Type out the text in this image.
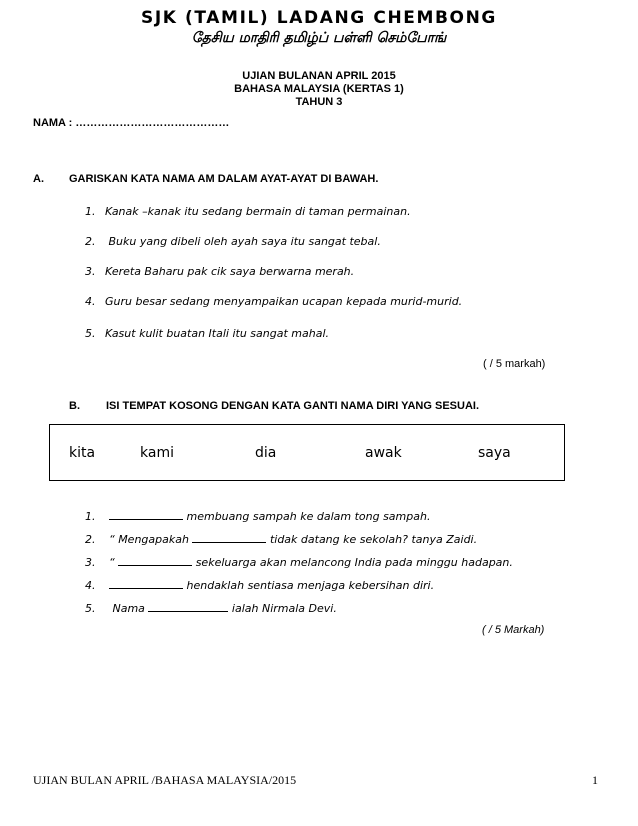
SJK (TAMIL) LADANG CHEMBONG
தேசிய மாதிரி தமிழ்ப் பள்ளி செம்போங்
UJIAN BULANAN APRIL 2015
BAHASA MALAYSIA (KERTAS 1)
TAHUN 3
NAMA : ……………………………………
A. GARISKAN KATA NAMA AM DALAM AYAT-AYAT DI BAWAH.
1. Kanak –kanak itu sedang bermain di taman permainan.
2. Buku yang dibeli oleh ayah saya itu sangat tebal.
3. Kereta Baharu pak cik saya berwarna merah.
4. Guru besar sedang menyampaikan ucapan kepada murid-murid.
5. Kasut kulit buatan Itali itu sangat mahal.
( / 5 markah)
B. ISI TEMPAT KOSONG DENGAN KATA GANTI NAMA DIRI YANG SESUAI.
kita	kami	dia	awak	saya
1.	membuang sampah ke dalam tong sampah.
2. “ Mengapakah	tidak datang ke sekolah? tanya Zaidi.
3. “	sekeluarga akan melancong India pada minggu hadapan.
4.	hendaklah sentiasa menjaga kebersihan diri.
5. Nama	ialah Nirmala Devi.
( / 5 Markah)
UJIAN BULAN APRIL /BAHASA MALAYSIA/2015	1
